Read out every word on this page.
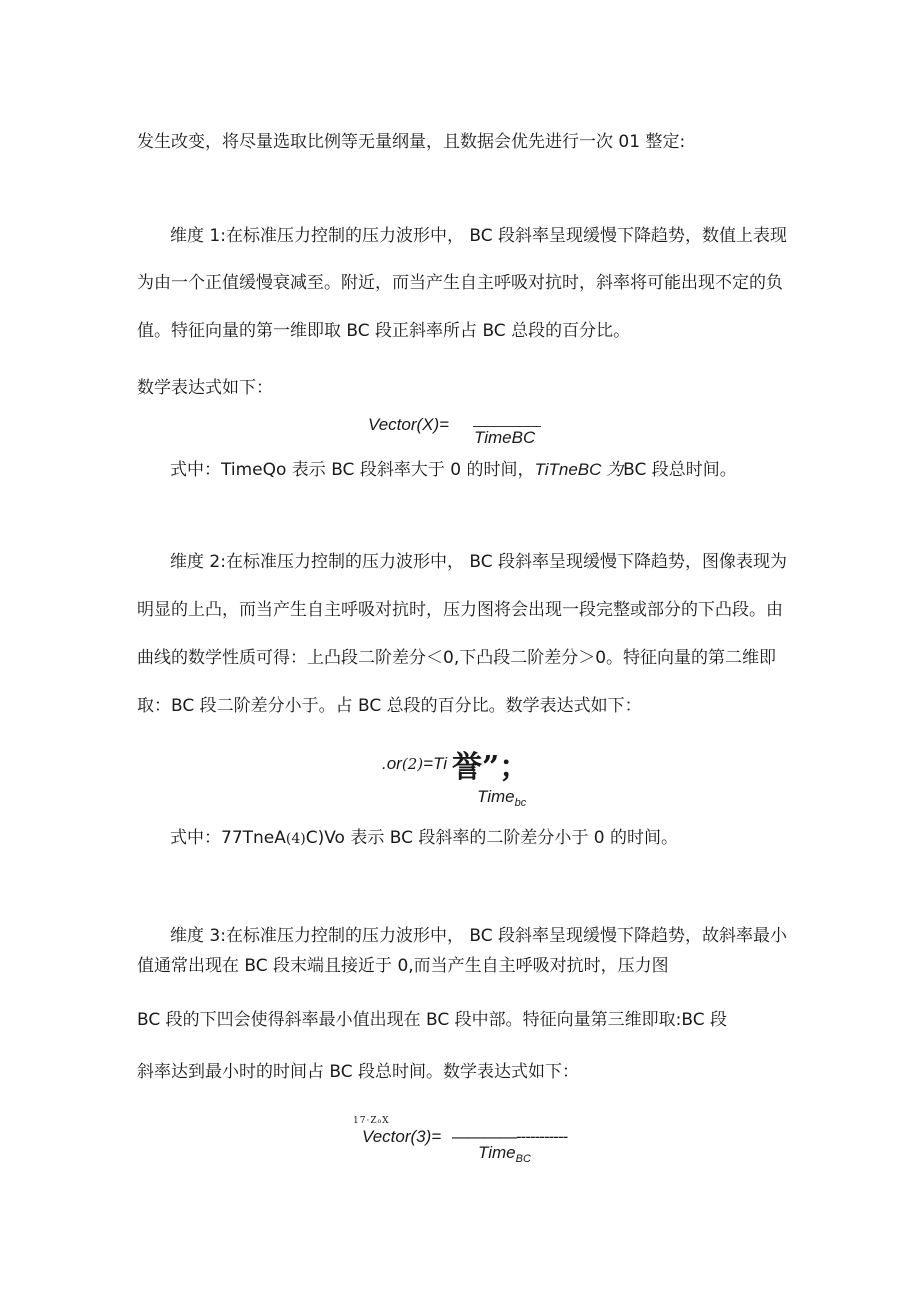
发生改变，将尽量选取比例等无量纲量，且数据会优先进行一次 01 整定:
维度 1:在标准压力控制的压力波形中， BC 段斜率呈现缓慢下降趋势，数值上表现
为由一个正值缓慢衰减至。附近，而当产生自主呼吸对抗时，斜率将可能出现不定的负
值。特征向量的第一维即取 BC 段正斜率所占 BC 总段的百分比。
数学表达式如下：
Vector(X)=
TimeBC
式中：TimeQo 表示 BC 段斜率大于 0 的时间，TiTneBC 为BC 段总时间。
维度 2:在标准压力控制的压力波形中， BC 段斜率呈现缓慢下降趋势，图像表现为
明显的上凸，而当产生自主呼吸对抗时，压力图将会出现一段完整或部分的下凸段。由
曲线的数学性质可得：上凸段二阶差分＜0,下凸段二阶差分＞0。特征向量的第二维即
取：BC 段二阶差分小于。占 BC 总段的百分比。数学表达式如下：
.or(2)=Ti 誉”；
Time$_{bc}$
式中：77TneA(4)C)Vo 表示 BC 段斜率的二阶差分小于 0 的时间。
维度 3:在标准压力控制的压力波形中， BC 段斜率呈现缓慢下降趋势，故斜率最小
值通常出现在 BC 段末端且接近于 0,而当产生自主呼吸对抗时，压力图
BC 段的下凹会使得斜率最小值出现在 BC 段中部。特征向量第三维即取:BC 段
斜率达到最小时的时间占 BC 段总时间。数学表达式如下：
17·Z₀X
Vector(3)= ————-----------
Time$_{BC}$
